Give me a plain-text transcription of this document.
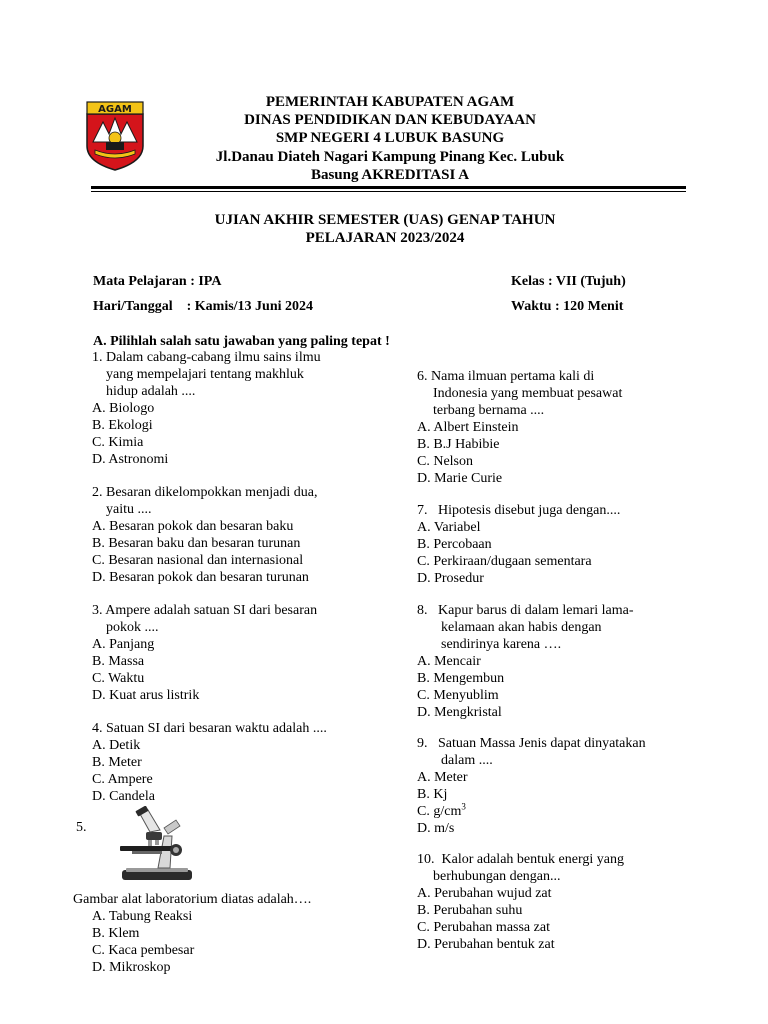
AGAM	PEMERINTAH KABUPATEN AGAM
DINAS PENDIDIKAN DAN KEBUDAYAAN
SMP NEGERI 4 LUBUK BASUNG
Jl.Danau Diateh Nagari Kampung Pinang Kec. Lubuk
Basung AKREDITASI A
UJIAN AKHIR SEMESTER (UAS) GENAP TAHUN
PELAJARAN 2023/2024
Mata Pelajaran : IPA	Kelas : VII (Tujuh)
Hari/Tanggal    : Kamis/13 Juni 2024	Waktu : 120 Menit
A. Pilihlah salah satu jawaban yang paling tepat !
1. Dalam cabang-cabang ilmu sains ilmu
yang mempelajari tentang makhluk
hidup adalah ....
A. Biologo
B. Ekologi
C. Kimia
D. Astronomi
2. Besaran dikelompokkan menjadi dua,
yaitu ....
A. Besaran pokok dan besaran baku
B. Besaran baku dan besaran turunan
C. Besaran nasional dan internasional
D. Besaran pokok dan besaran turunan
3. Ampere adalah satuan SI dari besaran
pokok ....
A. Panjang
B. Massa
C. Waktu
D. Kuat arus listrik
4. Satuan SI dari besaran waktu adalah ....
A. Detik
B. Meter
C. Ampere
D. Candela
5.
Gambar alat laboratorium diatas adalah….
A. Tabung Reaksi
B. Klem
C. Kaca pembesar
D. Mikroskop
6. Nama ilmuan pertama kali di
Indonesia yang membuat pesawat
terbang bernama ....
A. Albert Einstein
B. B.J Habibie
C. Nelson
D. Marie Curie
7.   Hipotesis disebut juga dengan....
A. Variabel
B. Percobaan
C. Perkiraan/dugaan sementara
D. Prosedur
8.   Kapur barus di dalam lemari lama-
kelamaan akan habis dengan
sendirinya karena ….
A. Mencair
B. Mengembun
C. Menyublim
D. Mengkristal
9.   Satuan Massa Jenis dapat dinyatakan
dalam ....
A. Meter
B. Kj
C. $g/cm^3$
D. m/s
10.  Kalor adalah bentuk energi yang
berhubungan dengan...
A. Perubahan wujud zat
B. Perubahan suhu
C. Perubahan massa zat
D. Perubahan bentuk zat
